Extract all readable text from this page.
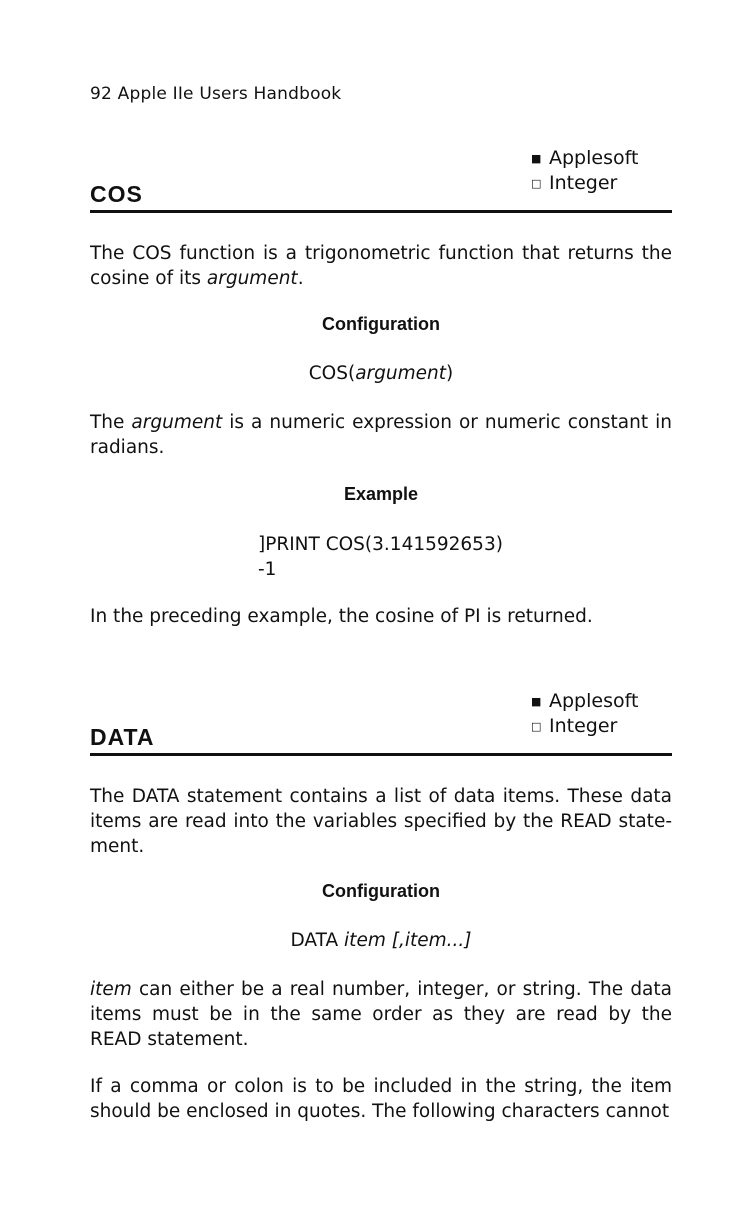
92 Apple IIe Users Handbook
COS
■ Applesoft
□ Integer

The COS function is a trigonometric function that returns the cosine of its argument.

Configuration
COS(argument)

The argument is a numeric expression or numeric constant in radians.

Example
]PRINT COS(3.141592653)
-1

In the preceding example, the cosine of PI is returned.

DATA
■ Applesoft
□ Integer

The DATA statement contains a list of data items. These data items are read into the variables specified by the READ state-ment.

Configuration
DATA item [,item...]

item can either be a real number, integer, or string. The data items must be in the same order as they are read by the READ statement.

If a comma or colon is to be included in the string, the item should be enclosed in quotes. The following characters cannot
